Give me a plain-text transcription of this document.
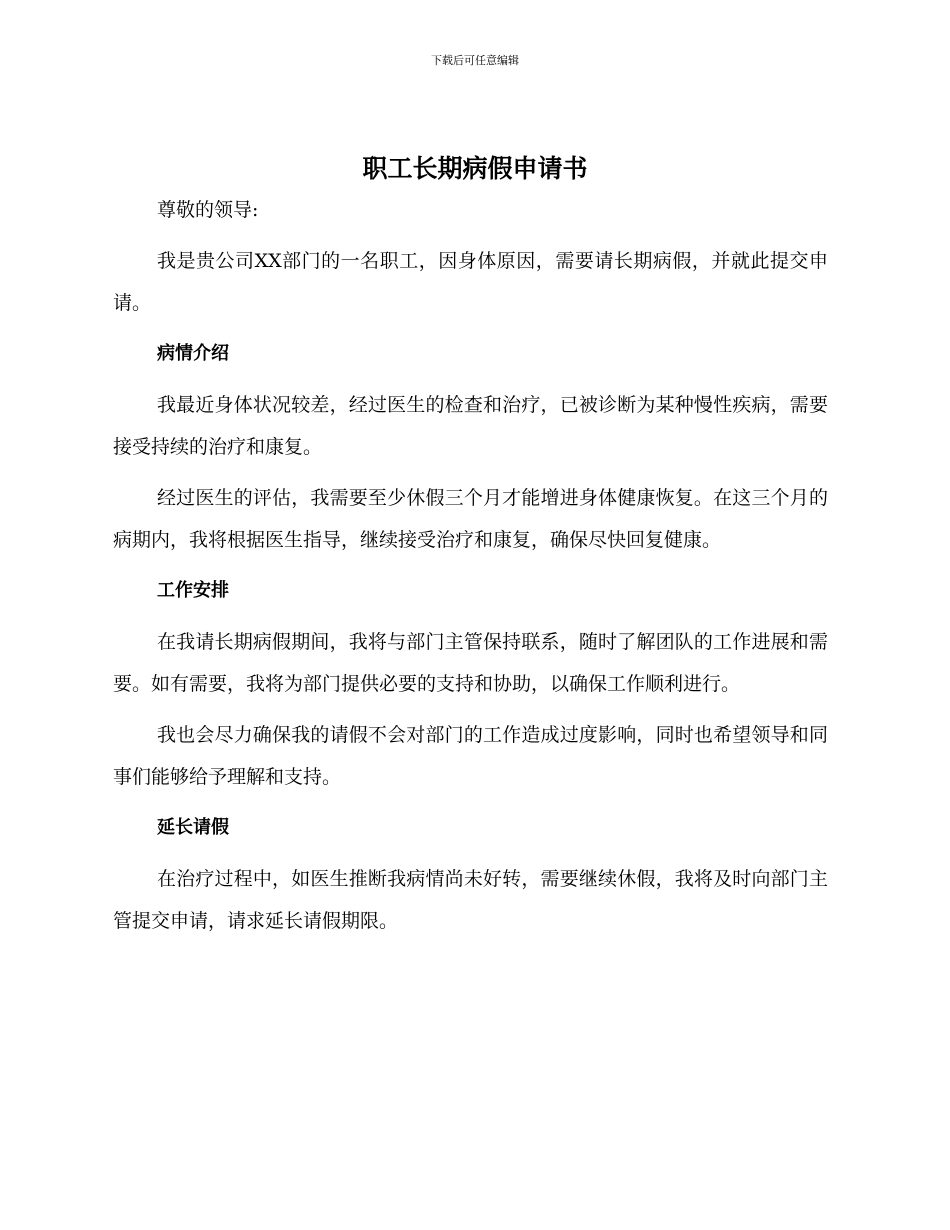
下载后可任意编辑
职工长期病假申请书

尊敬的领导:

我是贵公司XX部门的一名职工，因身体原因，需要请长期病假，并就此提交申请。

病情介绍

我最近身体状况较差，经过医生的检查和治疗，已被诊断为某种慢性疾病，需要接受持续的治疗和康复。

经过医生的评估，我需要至少休假三个月才能增进身体健康恢复。在这三个月的病期内，我将根据医生指导，继续接受治疗和康复，确保尽快回复健康。

工作安排

在我请长期病假期间，我将与部门主管保持联系，随时了解团队的工作进展和需要。如有需要，我将为部门提供必要的支持和协助，以确保工作顺利进行。

我也会尽力确保我的请假不会对部门的工作造成过度影响，同时也希望领导和同事们能够给予理解和支持。

延长请假

在治疗过程中，如医生推断我病情尚未好转，需要继续休假，我将及时向部门主管提交申请，请求延长请假期限。
